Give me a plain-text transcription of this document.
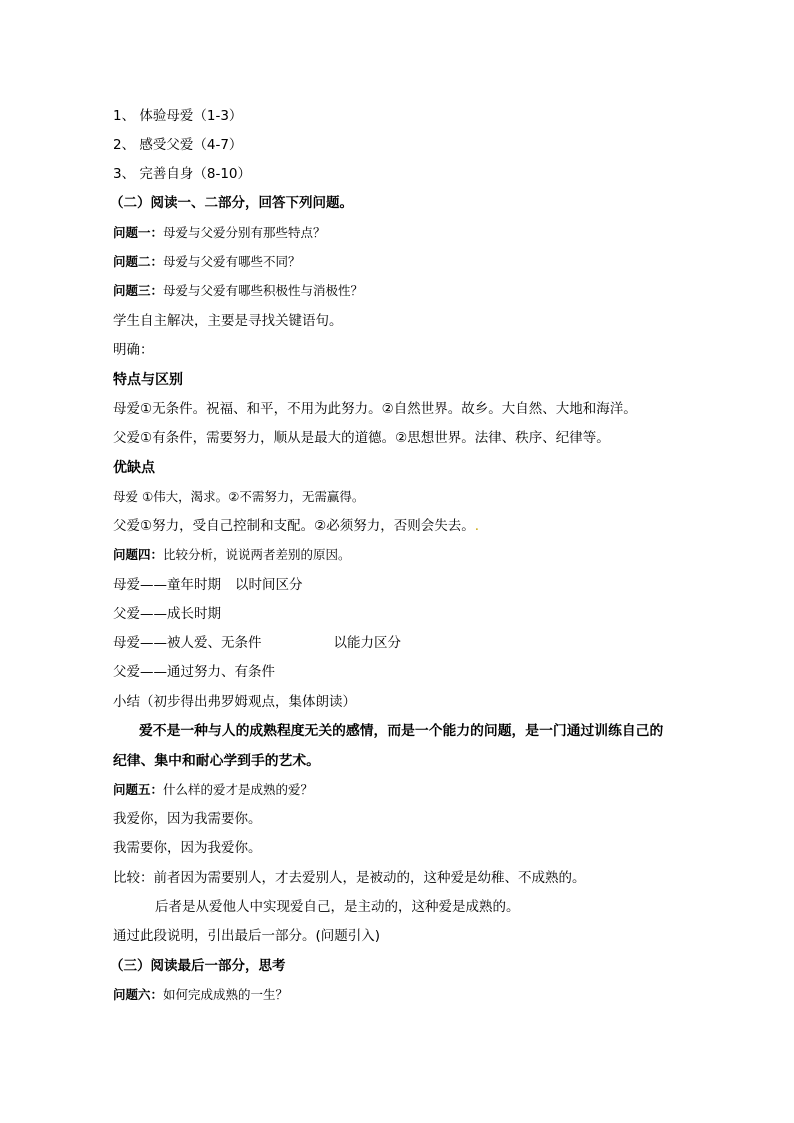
1、 体验母爱（1-3）
2、 感受父爱（4-7）
3、 完善自身（8-10）
（二）阅读一、二部分，回答下列问题。
问题一：母爱与父爱分别有那些特点？
问题二：母爱与父爱有哪些不同？
问题三：母爱与父爱有哪些积极性与消极性？
学生自主解决，主要是寻找关键语句。
明确：
特点与区别
母爱①无条件。祝福、和平，不用为此努力。②自然世界。故乡。大自然、大地和海洋。
父爱①有条件，需要努力，顺从是最大的道德。②思想世界。法律、秩序、纪律等。
优缺点
母爱 ①伟大，渴求。②不需努力，无需赢得。
父爱①努力，受自己控制和支配。②必须努力，否则会失去。.
问题四：比较分析，说说两者差别的原因。
母爱——童年时期 以时间区分
父爱——成长时期
母爱——被人爱、无条件	以能力区分
父爱——通过努力、有条件
小结（初步得出弗罗姆观点，集体朗读）
爱不是一种与人的成熟程度无关的感情，而是一个能力的问题，是一门通过训练自己的
纪律、集中和耐心学到手的艺术。
问题五：什么样的爱才是成熟的爱？
我爱你，因为我需要你。
我需要你，因为我爱你。
比较：前者因为需要别人，才去爱别人，是被动的，这种爱是幼稚、不成熟的。
后者是从爱他人中实现爱自己，是主动的，这种爱是成熟的。
通过此段说明，引出最后一部分。(问题引入)
（三）阅读最后一部分，思考
问题六：如何完成成熟的一生？
